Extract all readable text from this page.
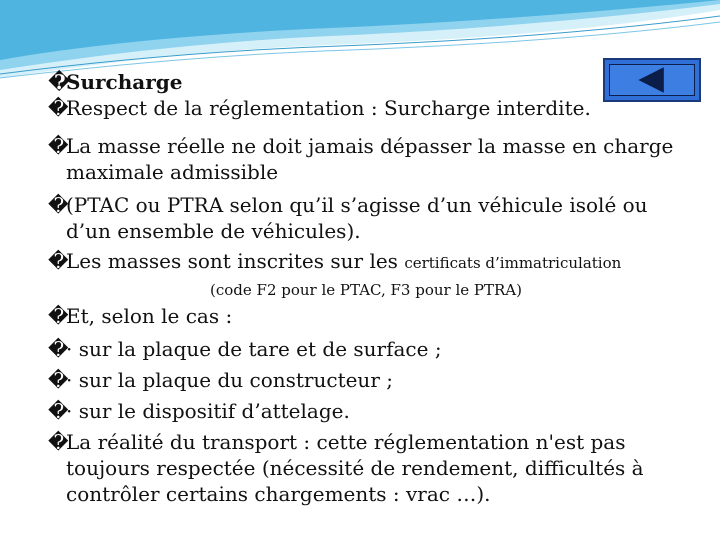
�Surcharge
�Respect de la réglementation : Surcharge interdite.
�La masse réelle ne doit jamais dépasser la masse en charge
maximale admissible
�(PTAC ou PTRA selon qu’il s’agisse d’un véhicule isolé ou
d’un ensemble de véhicules).
�Les masses sont inscrites sur les certificats d’immatriculation
(code F2 pour le PTAC, F3 pour le PTRA)
�Et, selon le cas :
�· sur la plaque de tare et de surface ;
�· sur la plaque du constructeur ;
�· sur le dispositif d’attelage.
�La réalité du transport : cette réglementation n'est pas
toujours respectée (nécessité de rendement, difficultés à
contrôler certains chargements : vrac …).
